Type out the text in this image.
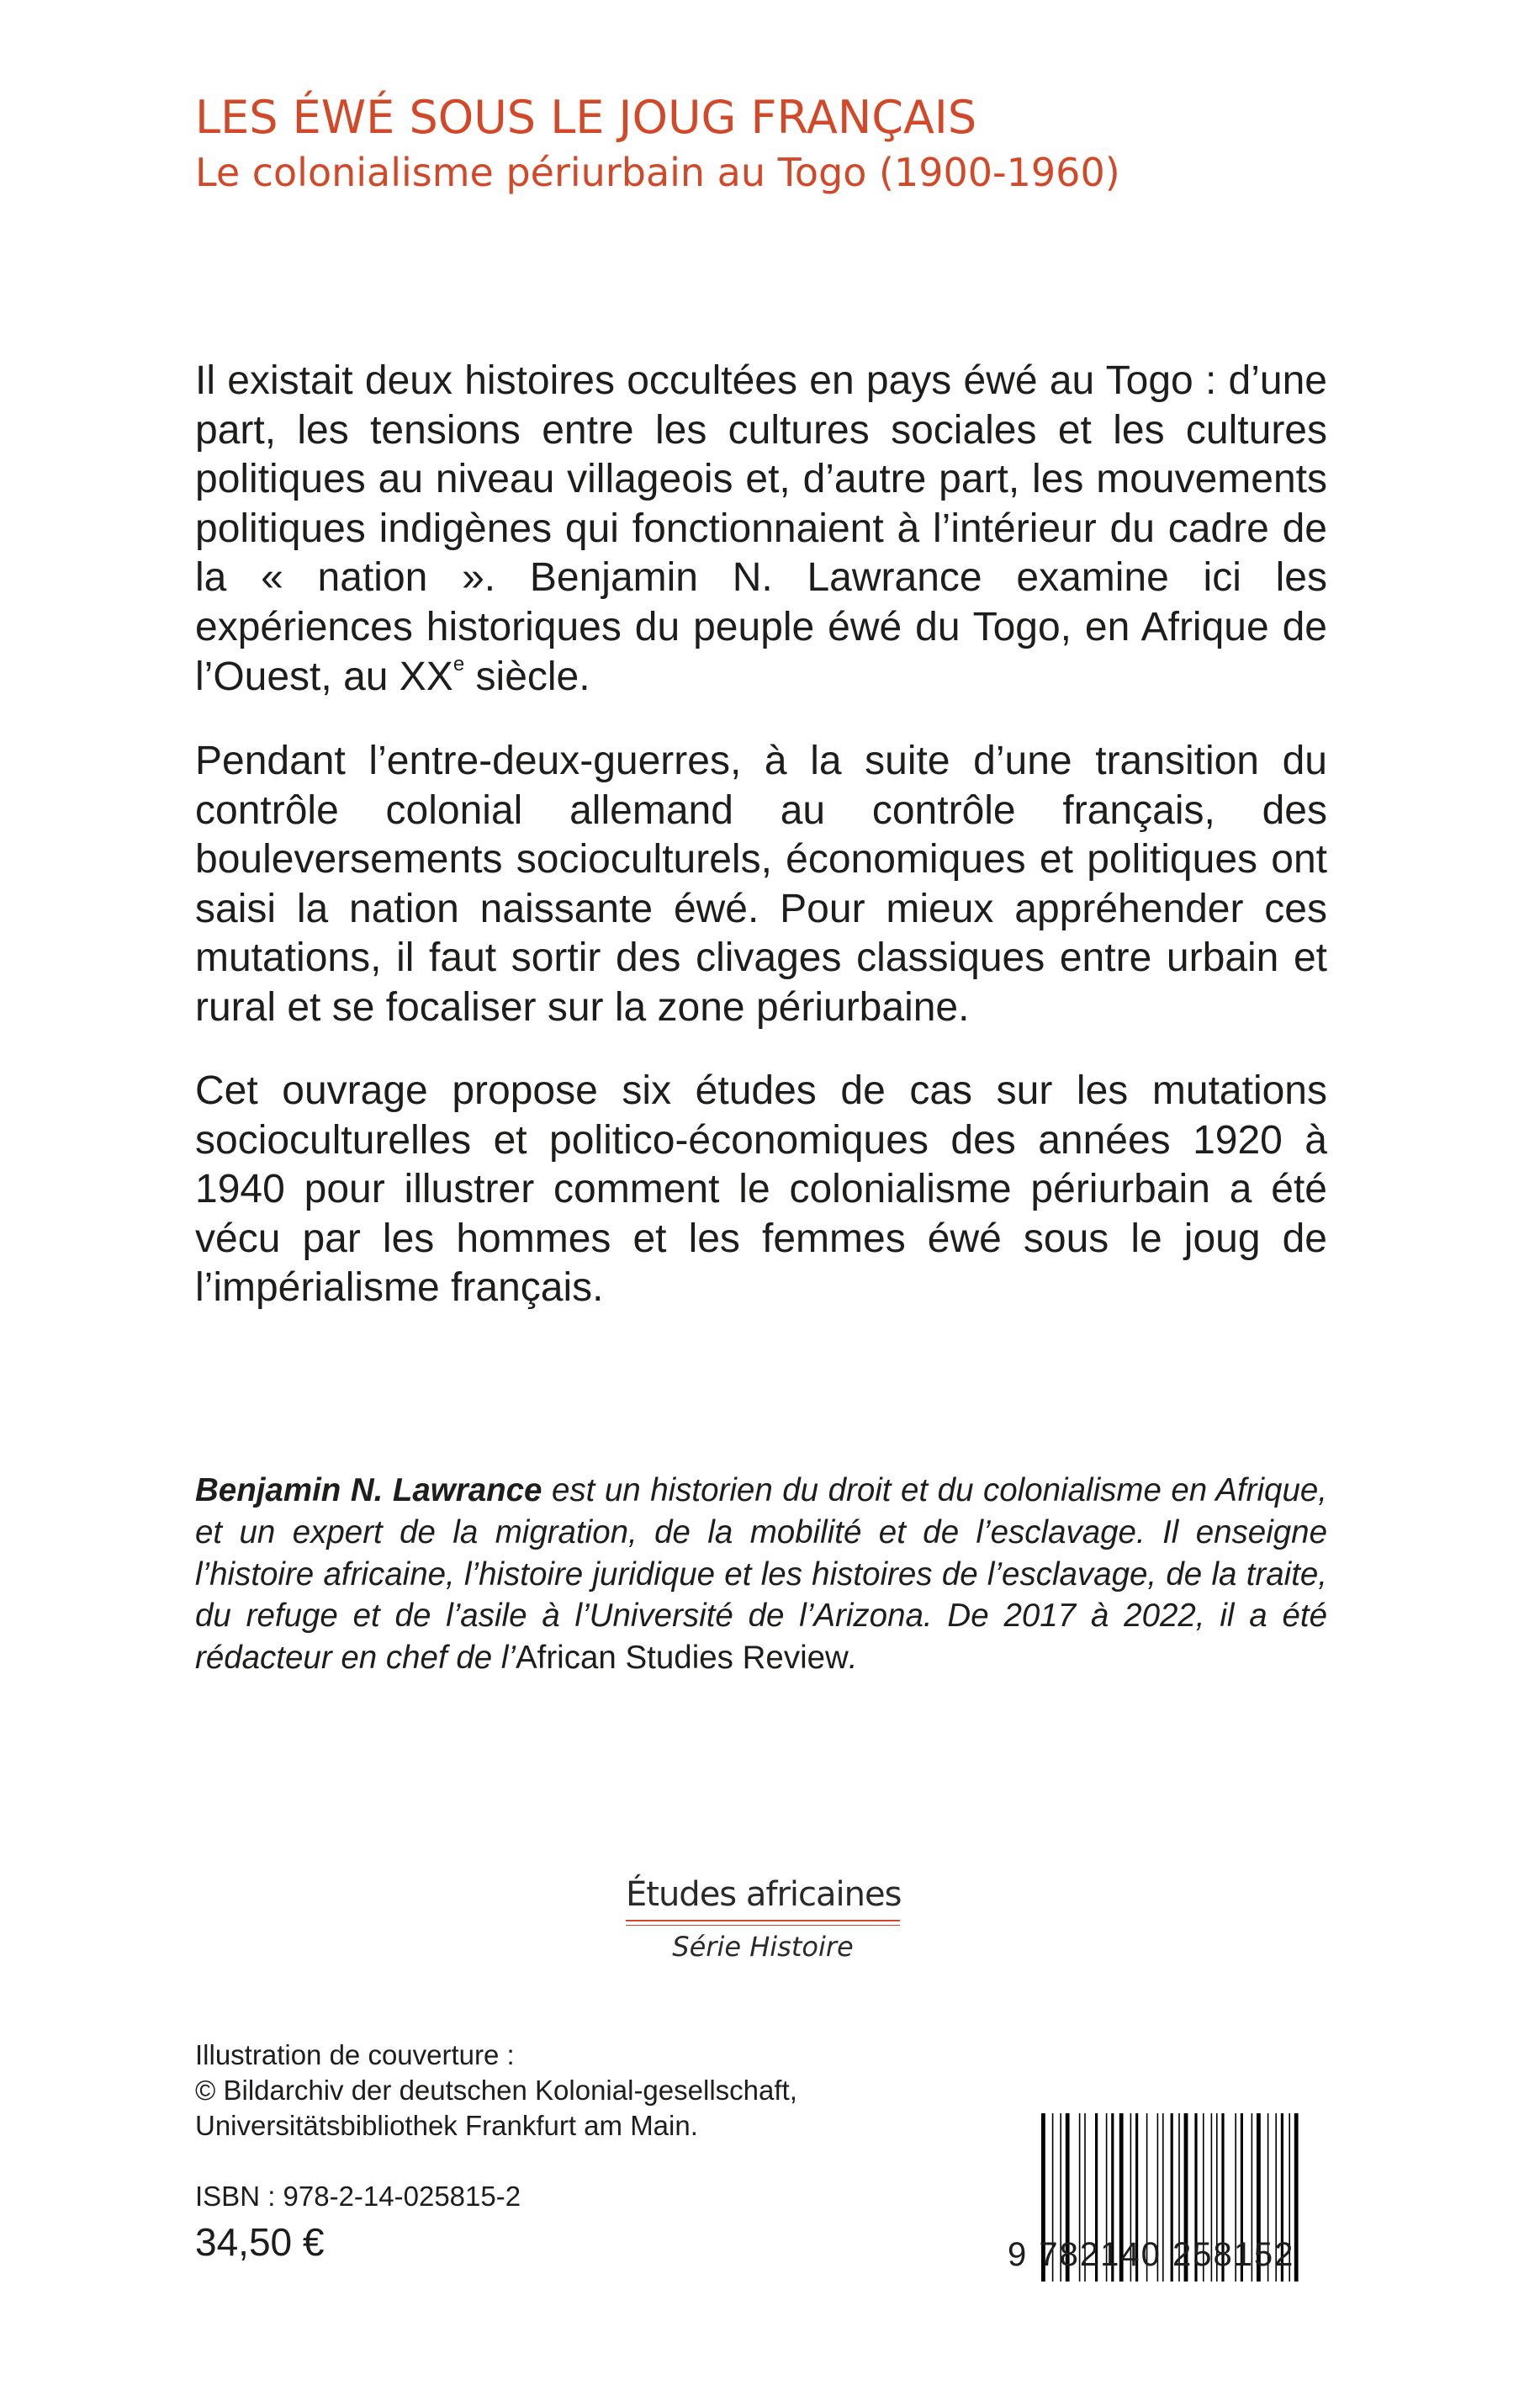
LES ÉWÉ SOUS LE JOUG FRANÇAIS
Le colonialisme périurbain au Togo (1900-1960)

Il existait deux histoires occultées en pays éwé au Togo : d’une part, les tensions entre les cultures sociales et les cultures politiques au niveau villageois et, d’autre part, les mouvements politiques indigènes qui fonctionnaient à l’intérieur du cadre de la « nation ». Benjamin N. Lawrance examine ici les expériences historiques du peuple éwé du Togo, en Afrique de l’Ouest, au XXe siècle.

Pendant l’entre-deux-guerres, à la suite d’une transition du contrôle colonial allemand au contrôle français, des bouleversements socioculturels, économiques et politiques ont saisi la nation naissante éwé. Pour mieux appréhender ces mutations, il faut sortir des clivages classiques entre urbain et rural et se focaliser sur la zone périurbaine.

Cet ouvrage propose six études de cas sur les mutations socioculturelles et politico-économiques des années 1920 à 1940 pour illustrer comment le colonialisme périurbain a été vécu par les hommes et les femmes éwé sous le joug de l’impérialisme français.

Benjamin N. Lawrance est un historien du droit et du colonialisme en Afrique, et un expert de la migration, de la mobilité et de l’esclavage. Il enseigne l’histoire africaine, l’histoire juridique et les histoires de l’esclavage, de la traite, du refuge et de l’asile à l’Université de l’Arizona. De 2017 à 2022, il a été rédacteur en chef de l’African Studies Review.

Études africaines
Série Histoire
Illustration de couverture :
© Bildarchiv der deutschen Kolonial-gesellschaft,
Universitätsbibliothek Frankfurt am Main.
ISBN : 978-2-14-025815-2
34,50 €	9 782140 258152
